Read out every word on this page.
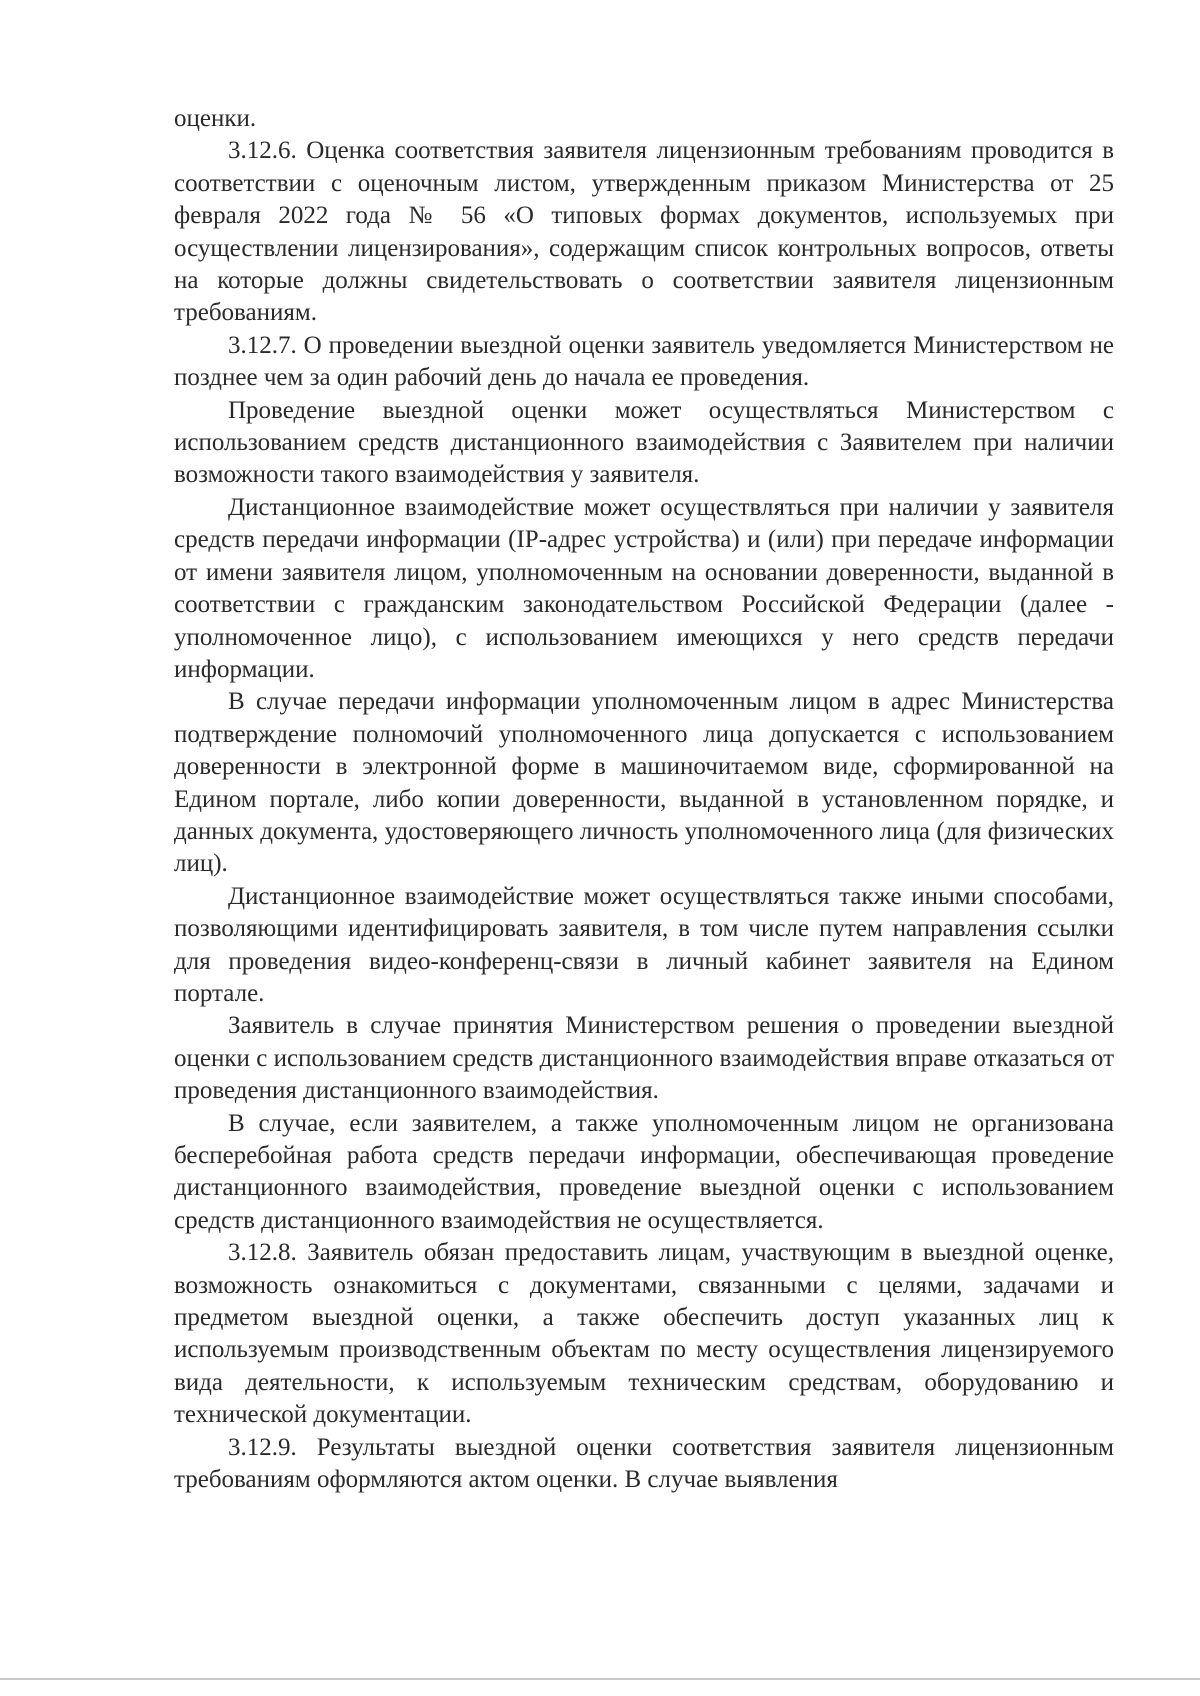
оценки.

3.12.6. Оценка соответствия заявителя лицензионным требованиям проводится в соответствии с оценочным листом, утвержденным приказом Министерства от 25 февраля 2022 года № 56 «О типовых формах документов, используемых при осуществлении лицензирования», содержащим список контрольных вопросов, ответы на которые должны свидетельствовать о соответствии заявителя лицензионным требованиям.

3.12.7. О проведении выездной оценки заявитель уведомляется Министерством не позднее чем за один рабочий день до начала ее проведения.

Проведение выездной оценки может осуществляться Министерством с использованием средств дистанционного взаимодействия с Заявителем при наличии возможности такого взаимодействия у заявителя.

Дистанционное взаимодействие может осуществляться при наличии у заявителя средств передачи информации (IP-адрес устройства) и (или) при передаче информации от имени заявителя лицом, уполномоченным на основании доверенности, выданной в соответствии с гражданским законодательством Российской Федерации (далее - уполномоченное лицо), с использованием имеющихся у него средств передачи информации.

В случае передачи информации уполномоченным лицом в адрес Министерства подтверждение полномочий уполномоченного лица допускается с использованием доверенности в электронной форме в машиночитаемом виде, сформированной на Едином портале, либо копии доверенности, выданной в установленном порядке, и данных документа, удостоверяющего личность уполномоченного лица (для физических лиц).

Дистанционное взаимодействие может осуществляться также иными способами, позволяющими идентифицировать заявителя, в том числе путем направления ссылки для проведения видео-конференц-связи в личный кабинет заявителя на Едином портале.

Заявитель в случае принятия Министерством решения о проведении выездной оценки с использованием средств дистанционного взаимодействия вправе отказаться от проведения дистанционного взаимодействия.

В случае, если заявителем, а также уполномоченным лицом не организована бесперебойная работа средств передачи информации, обеспечивающая проведение дистанционного взаимодействия, проведение выездной оценки с использованием средств дистанционного взаимодействия не осуществляется.

3.12.8. Заявитель обязан предоставить лицам, участвующим в выездной оценке, возможность ознакомиться с документами, связанными с целями, задачами и предметом выездной оценки, а также обеспечить доступ указанных лиц к используемым производственным объектам по месту осуществления лицензируемого вида деятельности, к используемым техническим средствам, оборудованию и технической документации.

3.12.9. Результаты выездной оценки соответствия заявителя лицензионным требованиям оформляются актом оценки. В случае выявления
